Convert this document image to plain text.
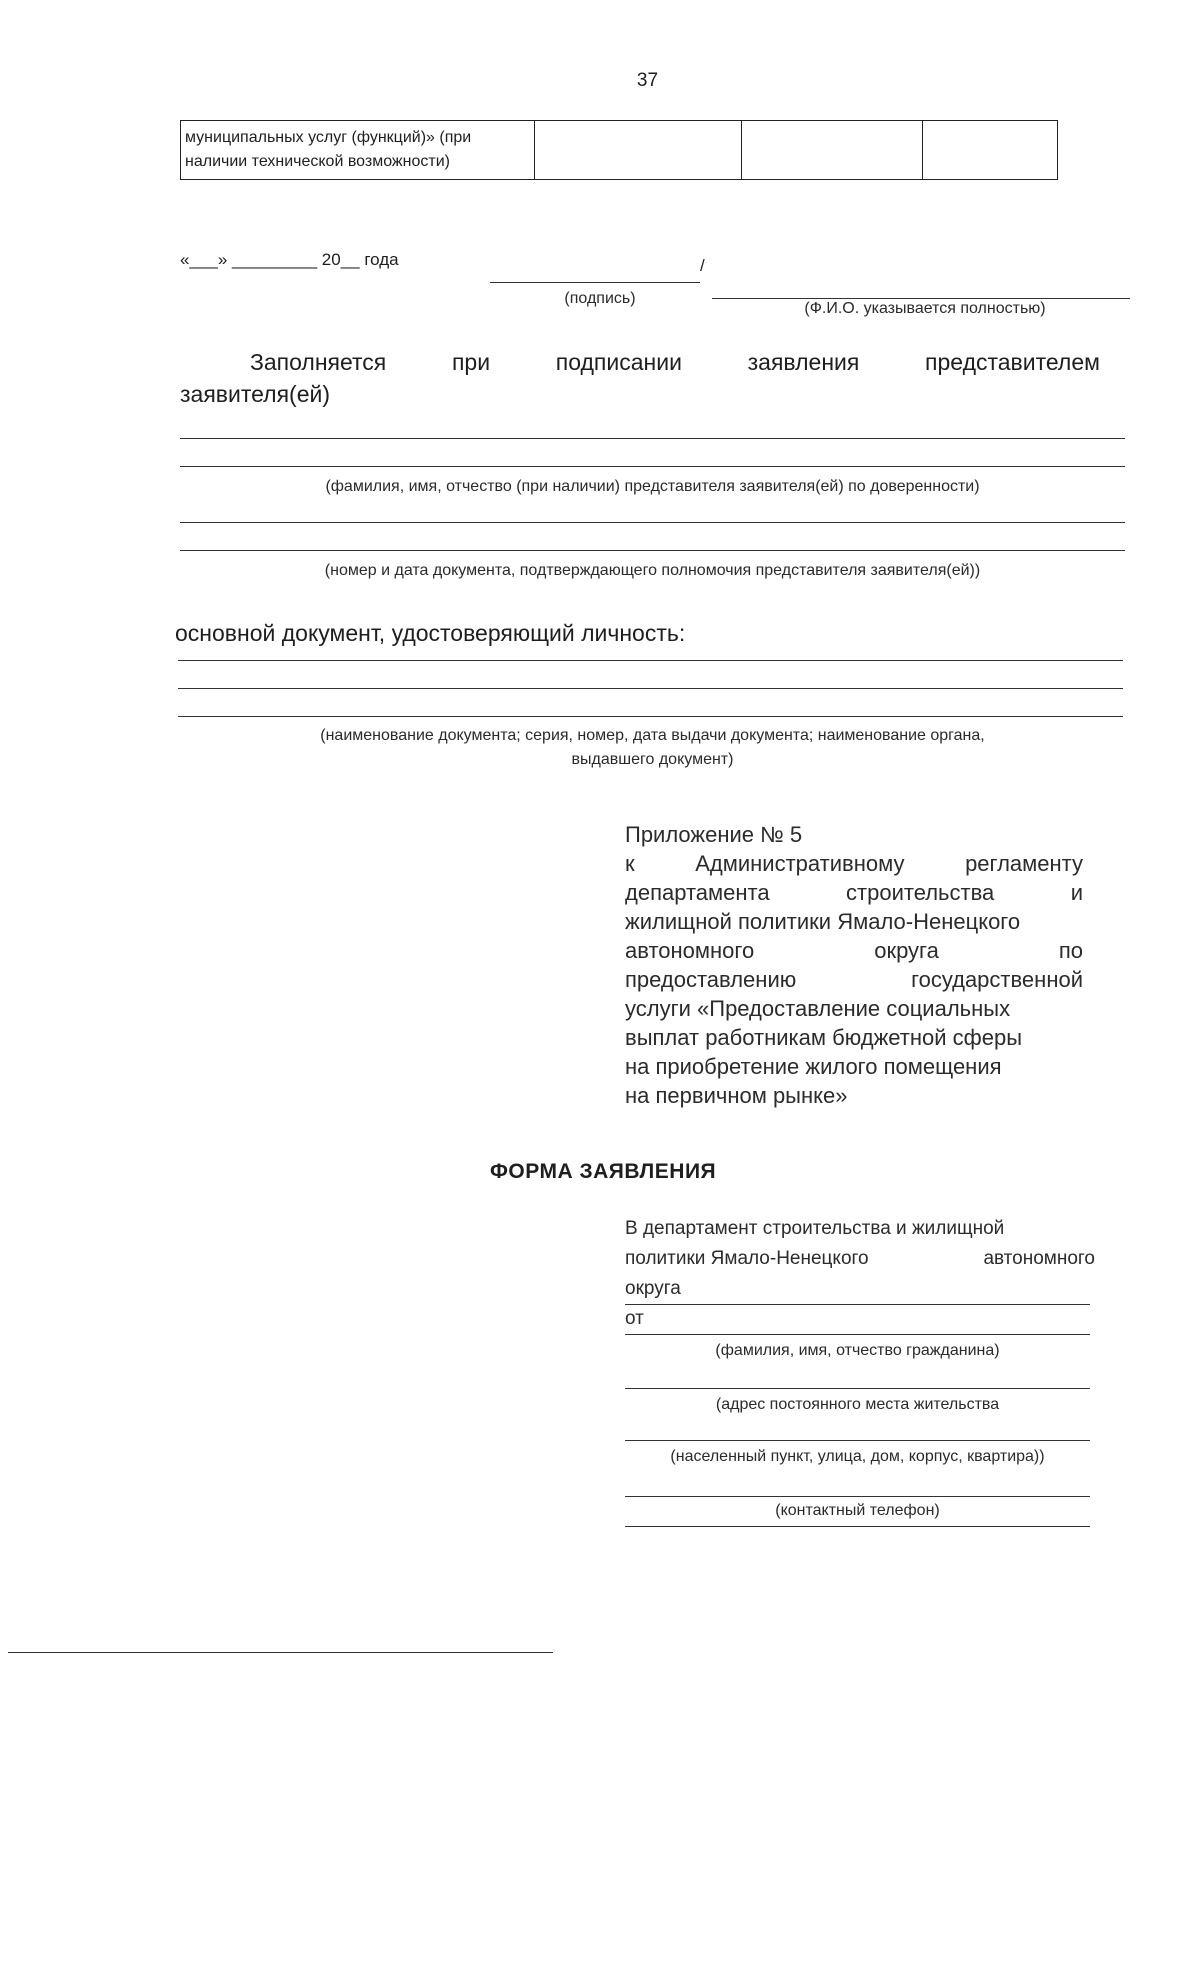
37
муниципальных услуг (функций)» (при
наличии технической возможности)

«___» _________ 20__ года	/
(подпись)
(Ф.И.О. указывается полностью)
Заполняется	при	подписании	заявления	представителем
заявителя(ей)
(фамилия, имя, отчество (при наличии) представителя заявителя(ей) по доверенности)
(номер и дата документа, подтверждающего полномочия представителя заявителя(ей))
основной документ, удостоверяющий личность:
(наименование документа; серия, номер, дата выдачи документа; наименование органа,
выдавшего документ)
Приложение № 5
к	Административному	регламенту
департамента	строительства	и
жилищной политики Ямало-Ненецкого
автономного	округа	по
предоставлению	государственной
услуги «Предоставление социальных
выплат работникам бюджетной сферы
на приобретение жилого помещения
на первичном рынке»
ФОРМА ЗАЯВЛЕНИЯ
В департамент строительства и жилищной
политики Ямало-Ненецкого	автономного
округа
от
(фамилия, имя, отчество гражданина)
(адрес постоянного места жительства
(населенный пункт, улица, дом, корпус, квартира))
(контактный телефон)
